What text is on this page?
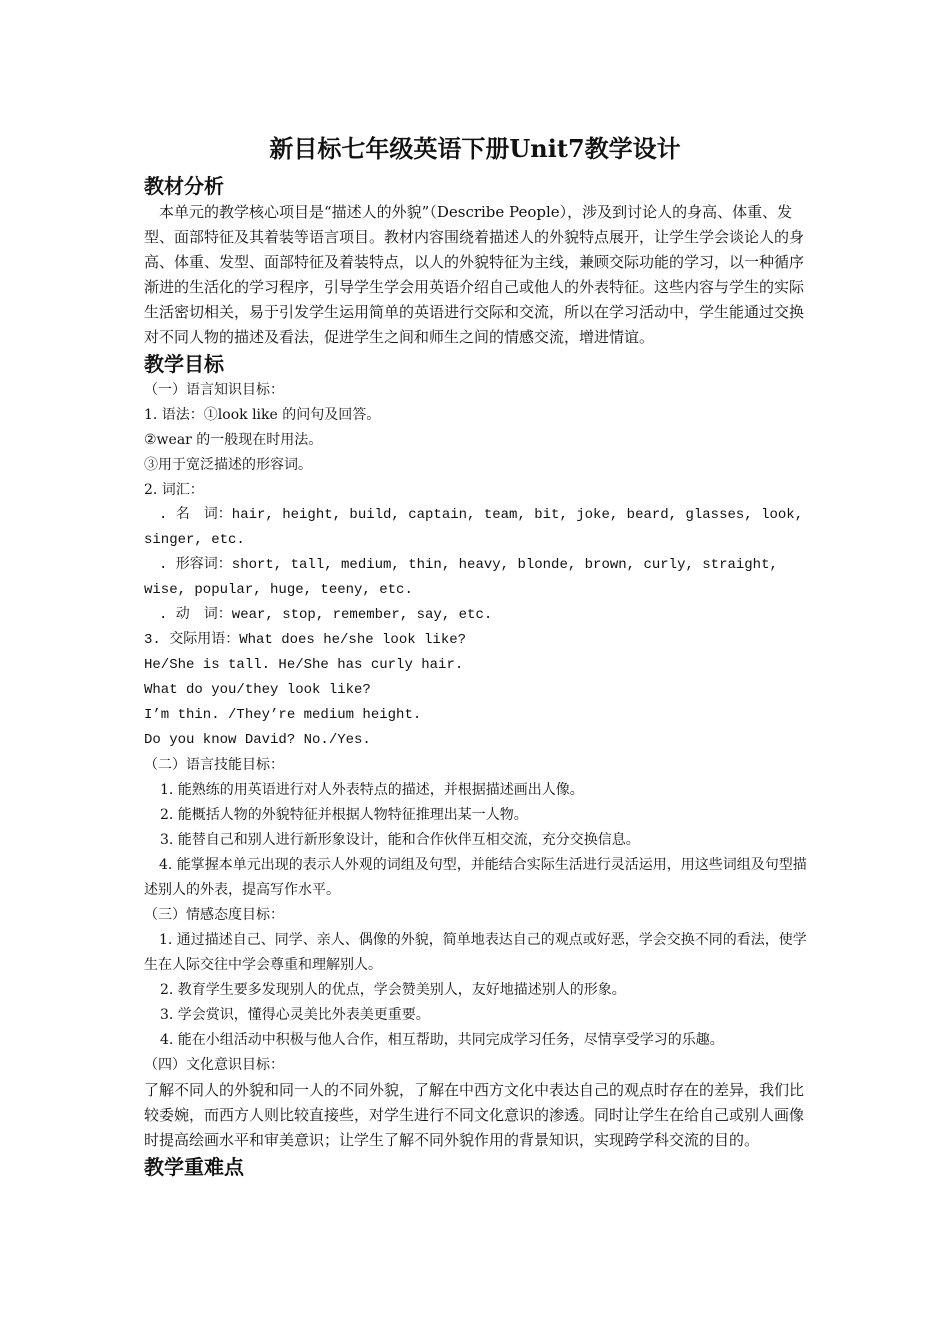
新目标七年级英语下册Unit7教学设计

教材分析

本单元的教学核心项目是“描述人的外貌”（Describe People），涉及到讨论人的身高、体重、发型、面部特征及其着装等语言项目。教材内容围绕着描述人的外貌特点展开，让学生学会谈论人的身高、体重、发型、面部特征及着装特点，以人的外貌特征为主线，兼顾交际功能的学习，以一种循序渐进的生活化的学习程序，引导学生学会用英语介绍自己或他人的外表特征。这些内容与学生的实际生活密切相关，易于引发学生运用简单的英语进行交际和交流，所以在学习活动中，学生能通过交换对不同人物的描述及看法，促进学生之间和师生之间的情感交流，增进情谊。

教学目标

（一）语言知识目标：

1. 语法：①look like 的问句及回答。

②wear 的一般现在时用法。

③用于宽泛描述的形容词。

2. 词汇：

. 名　词：hair, height, build, captain, team, bit, joke, beard, glasses, look, singer, etc.

. 形容词：short, tall, medium, thin, heavy, blonde, brown, curly, straight, wise, popular, huge, teeny, etc.

. 动　词：wear, stop, remember, say, etc.

3. 交际用语：What does he/she look like?

He/She is tall. He/She has curly hair.

What do you/they look like?

I’m thin. /They’re medium height.

Do you know David? No./Yes.

（二）语言技能目标：

1. 能熟练的用英语进行对人外表特点的描述，并根据描述画出人像。

2. 能概括人物的外貌特征并根据人物特征推理出某一人物。

3. 能替自己和别人进行新形象设计，能和合作伙伴互相交流，充分交换信息。

4. 能掌握本单元出现的表示人外观的词组及句型，并能结合实际生活进行灵活运用，用这些词组及句型描述别人的外表，提高写作水平。

（三）情感态度目标：

1. 通过描述自己、同学、亲人、偶像的外貌，简单地表达自己的观点或好恶，学会交换不同的看法，使学生在人际交往中学会尊重和理解别人。

2. 教育学生要多发现别人的优点，学会赞美别人，友好地描述别人的形象。

3. 学会赏识，懂得心灵美比外表美更重要。

4. 能在小组活动中积极与他人合作，相互帮助，共同完成学习任务，尽情享受学习的乐趣。

（四）文化意识目标：

了解不同人的外貌和同一人的不同外貌，了解在中西方文化中表达自己的观点时存在的差异，我们比较委婉，而西方人则比较直接些，对学生进行不同文化意识的渗透。同时让学生在给自己或别人画像时提高绘画水平和审美意识；让学生了解不同外貌作用的背景知识，实现跨学科交流的目的。

教学重难点
